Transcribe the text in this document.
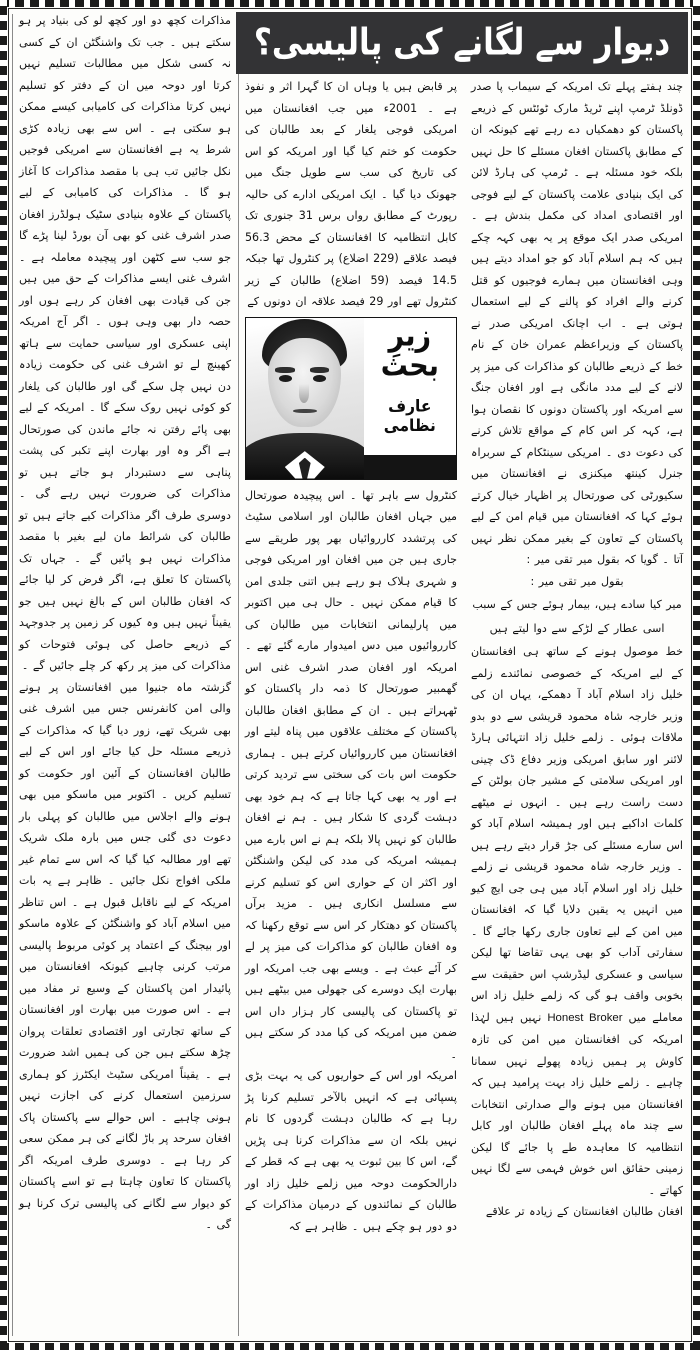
دیوار سے لگانے کی پالیسی؟

چند ہفتے پہلے تک امریکہ کے سیماب پا صدر ڈونلڈ ٹرمپ اپنے ٹریڈ مارک ٹوئٹس کے ذریعے پاکستان کو دھمکیاں دے رہے تھے کیونکہ ان کے مطابق پاکستان افغان مسئلے کا حل نہیں بلکہ خود مسئلہ ہے ۔ ٹرمپ کی ہارڈ لائن کی ایک بنیادی علامت پاکستان کے لیے فوجی اور اقتصادی امداد کی مکمل بندش ہے ۔ امریکی صدر ایک موقع پر یہ بھی کہہ چکے ہیں کہ ہم اسلام آباد کو جو امداد دیتے ہیں وہی افغانستان میں ہمارے فوجیوں کو قتل کرنے والے افراد کو پالنے کے لیے استعمال ہوتی ہے ۔ اب اچانک امریکی صدر نے پاکستان کے وزیراعظم عمران خان کے نام خط کے ذریعے طالبان کو مذاکرات کی میز پر لانے کے لیے مدد مانگی ہے اور افغان جنگ سے امریکہ اور پاکستان دونوں کا نقصان ہوا ہے، کہہ کر اس کام کے مواقع تلاش کرنے کی دعوت دی ۔ امریکی سینٹکام کے سربراہ جنرل کینتھ میکنزی نے افغانستان میں سکیورٹی کی صورتحال پر اظہار خیال کرتے ہوئے کہا کہ افغانستان میں قیام امن کے لیے پاکستان کے تعاون کے بغیر ممکن نظر نہیں آتا ۔ گویا کہ بقول میر تقی میر :

بقول میر تقی میر :
میر کیا سادے ہیں، بیمار ہوئے جس کے سبب
اسی عطار کے لڑکے سے دوا لیتے ہیں

خط موصول ہونے کے ساتھ ہی افغانستان کے لیے امریکہ کے خصوصی نمائندے زلمے خلیل زاد اسلام آباد آ دھمکے، یہاں ان کی وزیر خارجہ شاہ محمود قریشی سے دو بدو ملاقات ہوئی ۔ زلمے خلیل زاد انتہائی ہارڈ لائنر اور سابق امریکی وزیر دفاع ڈک چینی اور امریکی سلامتی کے مشیر جان بولٹن کے دست راست رہے ہیں ۔ انہوں نے میٹھے کلمات اداکیے ہیں اور ہمیشہ اسلام آباد کو اس سارے مسئلے کی جڑ قرار دیتے رہے ہیں ۔ وزیر خارجہ شاہ محمود قریشی نے زلمے خلیل زاد اور اسلام آباد میں ہی جی ایچ کیو میں انہیں یہ یقین دلایا گیا کہ افغانستان میں امن کے لیے تعاون جاری رکھا جائے گا ۔ سفارتی آداب کو بھی یہی تقاضا تھا لیکن سیاسی و عسکری لیڈرشپ اس حقیقت سے بخوبی واقف ہو گی کہ زلمے خلیل زاد اس معاملے میں Honest Broker نہیں ہیں لہٰذا امریکہ کی افغانستان میں امن کی تازہ کاوش پر ہمیں زیادہ پھولے نہیں سمانا چاہیے ۔ زلمے خلیل زاد بہت پرامید ہیں کہ افغانستان میں ہونے والے صدارتی انتخابات سے چند ماہ پہلے افغان طالبان اور کابل انتظامیہ کا معاہدہ طے پا جائے گا لیکن زمینی حقائق اس خوش فہمی سے لگا نہیں کھاتے ۔

افغان طالبان افغانستان کے زیادہ تر علاقے

پر قابض ہیں یا وہاں ان کا گہرا اثر و نفوذ ہے ۔ 2001ء میں جب افغانستان میں امریکی فوجی یلغار کے بعد طالبان کی حکومت کو ختم کیا گیا اور امریکہ کو اس کی تاریخ کی سب سے طویل جنگ میں جھونک دیا گیا ۔ ایک امریکی ادارے کی حالیہ رپورٹ کے مطابق رواں برس 31 جنوری تک کابل انتظامیہ کا افغانستان کے محض 56.3 فیصد علاقے (229 اضلاع) پر کنٹرول تھا جبکہ 14.5 فیصد (59 اضلاع) طالبان کے زیر کنٹرول تھے اور 29 فیصد علاقہ ان دونوں کے

زیرِ بحث
عارف نظامی

کنٹرول سے باہر تھا ۔ اس پیچیدہ صورتحال میں جہاں افغان طالبان اور اسلامی سٹیٹ کی پرتشدد کارروائیاں بھر پور طریقے سے جاری ہیں جن میں افغان اور امریکی فوجی و شہری ہلاک ہو رہے ہیں اتنی جلدی امن کا قیام ممکن نہیں ۔ حال ہی میں اکتوبر میں پارلیمانی انتخابات میں طالبان کی کارروائیوں میں دس امیدوار مارے گئے تھے ۔ امریکہ اور افغان صدر اشرف غنی اس گھمبیر صورتحال کا ذمہ دار پاکستان کو ٹھہراتے ہیں ۔ ان کے مطابق افغان طالبان پاکستان کے مختلف علاقوں میں پناہ لیتے اور افغانستان میں کارروائیاں کرتے ہیں ۔ ہماری حکومت اس بات کی سختی سے تردید کرتی ہے اور یہ بھی کہا جاتا ہے کہ ہم خود بھی دہشت گردی کا شکار ہیں ۔ ہم نے افغان طالبان کو نہیں پالا بلکہ ہم نے اس بارے میں ہمیشہ امریکہ کی مدد کی لیکن واشنگٹن اور اکثر ان کے حواری اس کو تسلیم کرنے سے مسلسل انکاری ہیں ۔ مزید برآں پاکستان کو دھتکار کر اس سے توقع رکھنا کہ وہ افغان طالبان کو مذاکرات کی میز پر لے کر آئے عبث ہے ۔ ویسے بھی جب امریکہ اور بھارت ایک دوسرے کی جھولی میں بیٹھے ہیں تو پاکستان کی پالیسی کار ہزار داں اس ضمن میں امریکہ کی کیا مدد کر سکتے ہیں ۔

امریکہ اور اس کے حواریوں کی یہ بہت بڑی پسپائی ہے کہ انہیں بالآخر تسلیم کرنا پڑ رہا ہے کہ طالبان دہشت گردوں کا نام نہیں بلکہ ان سے مذاکرات کرنا ہی پڑیں گے، اس کا بین ثبوت یہ بھی ہے کہ قطر کے دارالحکومت دوحہ میں زلمے خلیل زاد اور طالبان کے نمائندوں کے درمیان مذاکرات کے دو دور ہو چکے ہیں ۔ ظاہر ہے کہ

مذاکرات کچھ دو اور کچھ لو کی بنیاد پر ہو سکتے ہیں ۔ جب تک واشنگٹن ان کے کسی نہ کسی شکل میں مطالبات تسلیم نہیں کرتا اور دوحہ میں ان کے دفتر کو تسلیم نہیں کرتا مذاکرات کی کامیابی کیسے ممکن ہو سکتی ہے ۔ اس سے بھی زیادہ کڑی شرط یہ ہے افغانستان سے امریکی فوجیں نکل جائیں تب ہی با مقصد مذاکرات کا آغاز ہو گا ۔ مذاکرات کی کامیابی کے لیے پاکستان کے علاوہ بنیادی سٹیک ہولڈرز افغان صدر اشرف غنی کو بھی آن بورڈ لینا پڑے گا جو سب سے کٹھن اور پیچیدہ معاملہ ہے ۔ اشرف غنی ایسے مذاکرات کے حق میں ہیں جن کی قیادت بھی افغان کر رہے ہوں اور حصہ دار بھی وہی ہوں ۔ اگر آج امریکہ اپنی عسکری اور سیاسی حمایت سے ہاتھ کھینچ لے تو اشرف غنی کی حکومت زیادہ دن نہیں چل سکے گی اور طالبان کی یلغار کو کوئی نہیں روک سکے گا ۔ امریکہ کے لیے بھی پائے رفتن نہ جائے ماندن کی صورتحال ہے اگر وہ اور بھارت اپنے تکبر کی پشت پناہی سے دستبردار ہو جاتے ہیں تو مذاکرات کی ضرورت نہیں رہے گی ۔ دوسری طرف اگر مذاکرات کیے جاتے ہیں تو طالبان کی شرائط مان لیے بغیر با مقصد مذاکرات نہیں ہو پائیں گے ۔ جہاں تک پاکستان کا تعلق ہے، اگر فرض کر لیا جائے کہ افغان طالبان اس کے بالغ نہیں ہیں جو یقیناً نہیں ہیں وہ کیوں کر زمین پر جدوجہد کے ذریعے حاصل کی ہوئی فتوحات کو مذاکرات کی میز پر رکھ کر چلے جائیں گے ۔

گزشتہ ماہ جنیوا میں افغانستان پر ہونے والی امن کانفرنس جس میں اشرف غنی بھی شریک تھے، زور دیا گیا کہ مذاکرات کے ذریعے مسئلہ حل کیا جائے اور اس کے لیے طالبان افغانستان کے آئین اور حکومت کو تسلیم کریں ۔ اکتوبر میں ماسکو میں بھی ہونے والے اجلاس میں طالبان کو پہلی بار دعوت دی گئی جس میں بارہ ملک شریک تھے اور مطالبہ کیا گیا کہ اس سے تمام غیر ملکی افواج نکل جائیں ۔ ظاہر ہے یہ بات امریکہ کے لیے ناقابل قبول ہے ۔ اس تناظر میں اسلام آباد کو واشنگٹن کے علاوہ ماسکو اور بیجنگ کے اعتماد پر کوئی مربوط پالیسی مرتب کرنی چاہیے کیونکہ افغانستان میں پائیدار امن پاکستان کے وسیع تر مفاد میں ہے ۔ اس صورت میں بھارت اور افغانستان کے ساتھ تجارتی اور اقتصادی تعلقات پروان چڑھ سکتے ہیں جن کی ہمیں اشد ضرورت ہے ۔ یقیناً امریکی سٹیٹ ایکٹرز کو ہماری سرزمین استعمال کرنے کی اجازت نہیں ہونی چاہیے ۔ اس حوالے سے پاکستان پاک افغان سرحد پر باڑ لگانے کی ہر ممکن سعی کر رہا ہے ۔ دوسری طرف امریکہ اگر پاکستان کا تعاون چاہتا ہے تو اسے پاکستان کو دیوار سے لگانے کی پالیسی ترک کرنا ہو گی ۔
